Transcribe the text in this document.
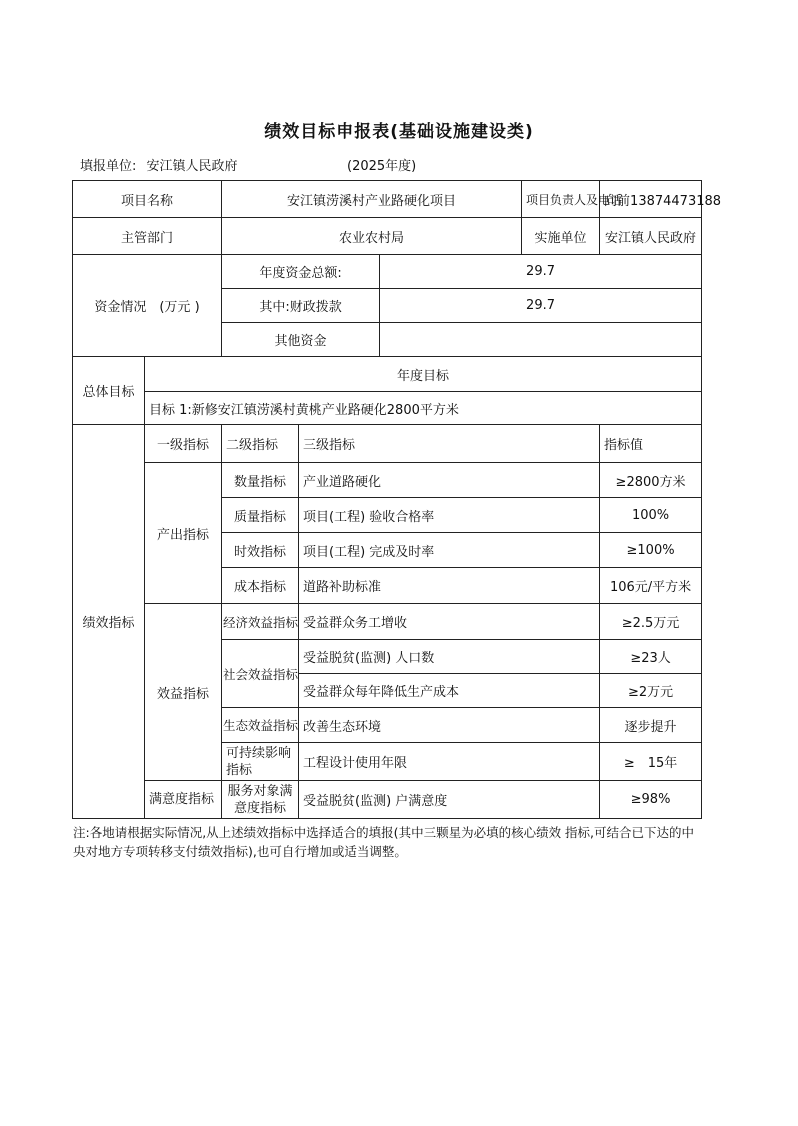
绩效目标申报表(基础设施建设类)
填报单位: 安江镇人民政府	(2025年度)
项目名称		安江镇涝溪村产业路硬化项目			项目负责人及电话	向前13874473188
主管部门		农业农村局			实施单位	安江镇人民政府
资金情况　(万元 )		年度资金总额:		29.7		
		其中:财政拨款		29.7		
		其他资金				
总体目标	年度目标					
	目标 1:新修安江镇涝溪村黄桃产业路硬化2800平方米					
绩效指标	一级指标	二级指标	三级指标			指标值
	产出指标	数量指标	产业道路硬化			≥2800方米
		质量指标	项目(工程) 验收合格率			100%
		时效指标	项目(工程) 完成及时率			≥100%
		成本指标	道路补助标准			106元/平方米
	效益指标	经济效益指标	受益群众务工增收			≥2.5万元
		社会效益指标	受益脱贫(监测) 人口数			≥23人
			受益群众每年降低生产成本			≥2万元
		生态效益指标	改善生态环境			逐步提升
		可持续影响指标	工程设计使用年限			≥　15年
	满意度指标	服务对象满意度指标	受益脱贫(监测) 户满意度			≥98%
注:各地请根据实际情况,从上述绩效指标中选择适合的填报(其中三颗星为必填的核心绩效 指标,可结合已下达的中央对地方专项转移支付绩效指标),也可自行增加或适当调整。
